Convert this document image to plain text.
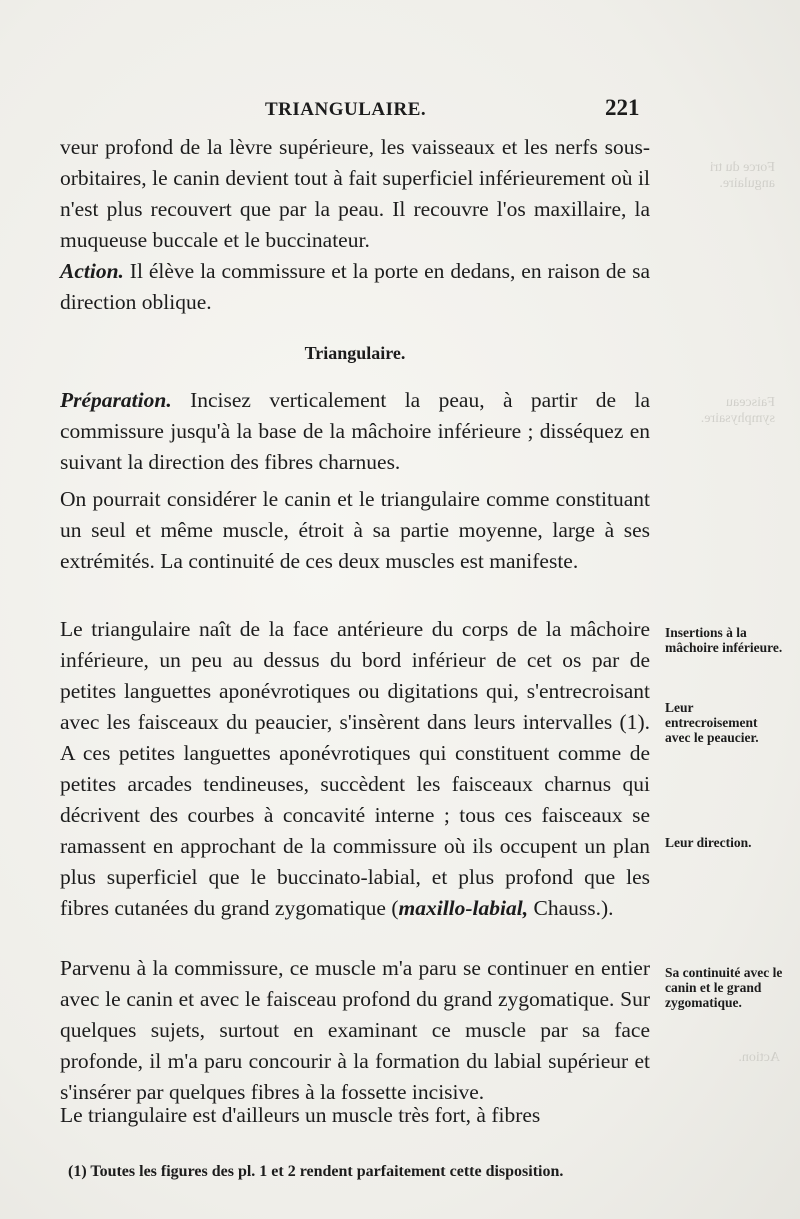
Force du tri angulaire.
Faisceau symphysaire.
Action.
TRIANGULAIRE.	221

veur profond de la lèvre supérieure, les vaisseaux et les nerfs sous-orbitaires, le canin devient tout à fait superficiel inférieurement où il n'est plus recouvert que par la peau. Il recouvre l'os maxillaire, la muqueuse buccale et le buccinateur.

Action. Il élève la commissure et la porte en dedans, en raison de sa direction oblique.

Triangulaire.

Préparation. Incisez verticalement la peau, à partir de la commissure jusqu'à la base de la mâchoire inférieure ; disséquez en suivant la direction des fibres charnues.

On pourrait considérer le canin et le triangulaire comme constituant un seul et même muscle, étroit à sa partie moyenne, large à ses extrémités. La continuité de ces deux muscles est manifeste.

Le triangulaire naît de la face antérieure du corps de la mâchoire inférieure, un peu au dessus du bord inférieur de cet os par de petites languettes aponévrotiques ou digitations qui, s'entrecroisant avec les faisceaux du peaucier, s'insèrent dans leurs intervalles (1). A ces petites languettes aponévrotiques qui constituent comme de petites arcades tendineuses, succèdent les faisceaux charnus qui décrivent des courbes à concavité interne ; tous ces faisceaux se ramassent en approchant de la commissure où ils occupent un plan plus superficiel que le buccinato-labial, et plus profond que les fibres cutanées du grand zygomatique (maxillo-labial, Chauss.).

Parvenu à la commissure, ce muscle m'a paru se continuer en entier avec le canin et avec le faisceau profond du grand zygomatique. Sur quelques sujets, surtout en examinant ce muscle par sa face profonde, il m'a paru concourir à la formation du labial supérieur et s'insérer par quelques fibres à la fossette incisive.

Le triangulaire est d'ailleurs un muscle très fort, à fibres

Insertions à la mâchoire inférieure.
Leur entrecroisement avec le peaucier.
Leur direction.
Sa continuité avec le canin et le grand zygomatique.
(1) Toutes les figures des pl. 1 et 2 rendent parfaitement cette disposition.
